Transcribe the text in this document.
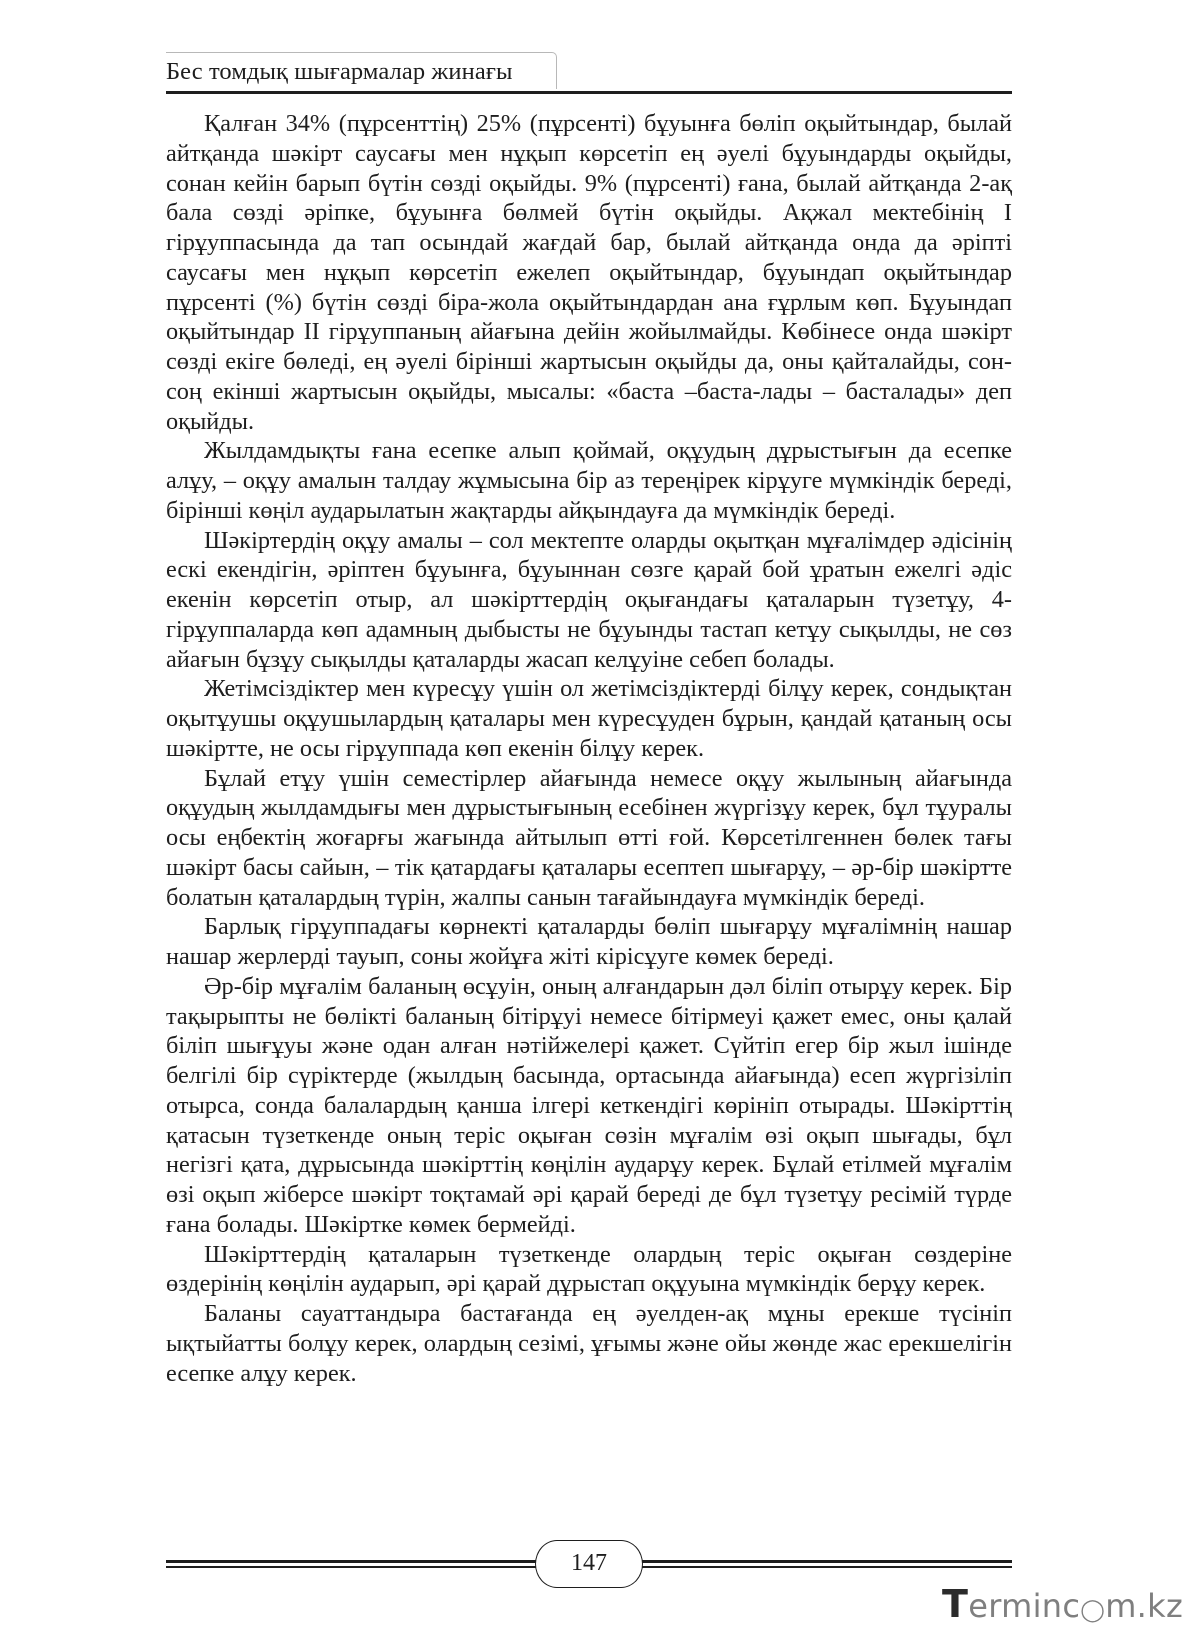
Бес томдық шығармалар жинағы

Қалған 34% (пұрсенттің) 25% (пұрсенті) бұуынға бөліп оқыйтындар, былай айтқанда шәкірт саусағы мен нұқып көрсетіп ең әуелі бұуындарды оқыйды, сонан кейін барып бүтін сөзді оқыйды. 9% (пұрсенті) ғана, былай айтқанда 2-ақ бала сөзді әріпке, бұуынға бөлмей бүтін оқыйды. Ақжал мектебінің I гірұуппасында да тап осындай жағдай бар, былай айтқанда онда да әріпті саусағы мен нұқып көрсетіп ежелеп оқыйтындар, бұуындап оқыйтындар пұрсенті (%) бүтін сөзді біра-жола оқыйтындардан ана ғұрлым көп. Бұуындап оқыйтындар II гірұуппаның айағына дейін жойылмайды. Көбінесе онда шәкірт сөзді екіге бөледі, ең әуелі бірінші жартысын оқыйды да, оны қайталайды, сон-соң екінші жартысын оқыйды, мысалы: «баста –баста-лады – басталады» деп оқыйды.

Жылдамдықты ғана есепке алып қоймай, оқұудың дұрыстығын да есепке алұу, – оқұу амалын талдау жұмысына бір аз тереңірек кірұуге мүмкіндік береді, бірінші көңіл аударылатын жақтарды айқындауға да мүмкіндік береді.

Шәкіртердің оқұу амалы – сол мектепте оларды оқытқан мұғалімдер әдісінің ескі екендігін, әріптен бұуынға, бұуыннан сөзге қарай бой ұратын ежелгі әдіс екенін көрсетіп отыр, ал шәкірттердің оқығандағы қаталарын түзетұу, 4-гірұуппаларда көп адамның дыбысты не бұуынды тастап кетұу сықылды, не сөз айағын бұзұу сықылды қаталарды жасап келұуіне себеп болады.

Жетімсіздіктер мен күресұу үшін ол жетімсіздіктерді білұу керек, сондықтан оқытұушы оқұушылардың қаталары мен күресұуден бұрын, қандай қатаның осы шәкіртте, не осы гірұуппада көп екенін білұу керек.

Бұлай етұу үшін семестірлер айағында немесе оқұу жылының айағында оқұудың жылдамдығы мен дұрыстығының есебінен жүргізұу керек, бұл тұуралы осы еңбектің жоғарғы жағында айтылып өтті ғой. Көрсетілгеннен бөлек тағы шәкірт басы сайын, – тік қатардағы қаталары есептеп шығарұу, – әр-бір шәкіртте болатын қаталардың түрін, жалпы санын тағайындауға мүмкіндік береді.

Барлық гірұуппадағы көрнекті қаталарды бөліп шығарұу мұғалімнің нашар нашар жерлерді тауып, соны жойұға жіті кірісұуге көмек береді.

Әр-бір мұғалім баланың өсұуін, оның алғандарын дәл біліп отырұу керек. Бір тақырыпты не бөлікті баланың бітірұуі немесе бітірмеуі қажет емес, оны қалай біліп шығұуы және одан алған нәтійжелері қажет. Сүйтіп егер бір жыл ішінде белгілі бір сүріктерде (жылдың басында, ортасында айағында) есеп жүргізіліп отырса, сонда балалардың қанша ілгері кеткендігі көрініп отырады. Шәкірттің қатасын түзеткенде оның теріс оқыған сөзін мұғалім өзі оқып шығады, бұл негізгі қата, дұрысында шәкірттің көңілін аударұу керек. Бұлай етілмей мұғалім өзі оқып жіберсе шәкірт тоқтамай әрі қарай береді де бұл түзетұу ресімій түрде ғана болады. Шәкіртке көмек бермейді.

Шәкірттердің қаталарын түзеткенде олардың теріс оқыған сөздеріне өздерінің көңілін аударып, әрі қарай дұрыстап оқұуына мүмкіндік берұу керек.

Баланы сауаттандыра бастағанда ең әуелден-ақ мұны ерекше түсініп ықтыйатты болұу керек, олардың сезімі, ұғымы және ойы жөнде жас ерекшелігін есепке алұу керек.

147
Terminc◯m.kz
